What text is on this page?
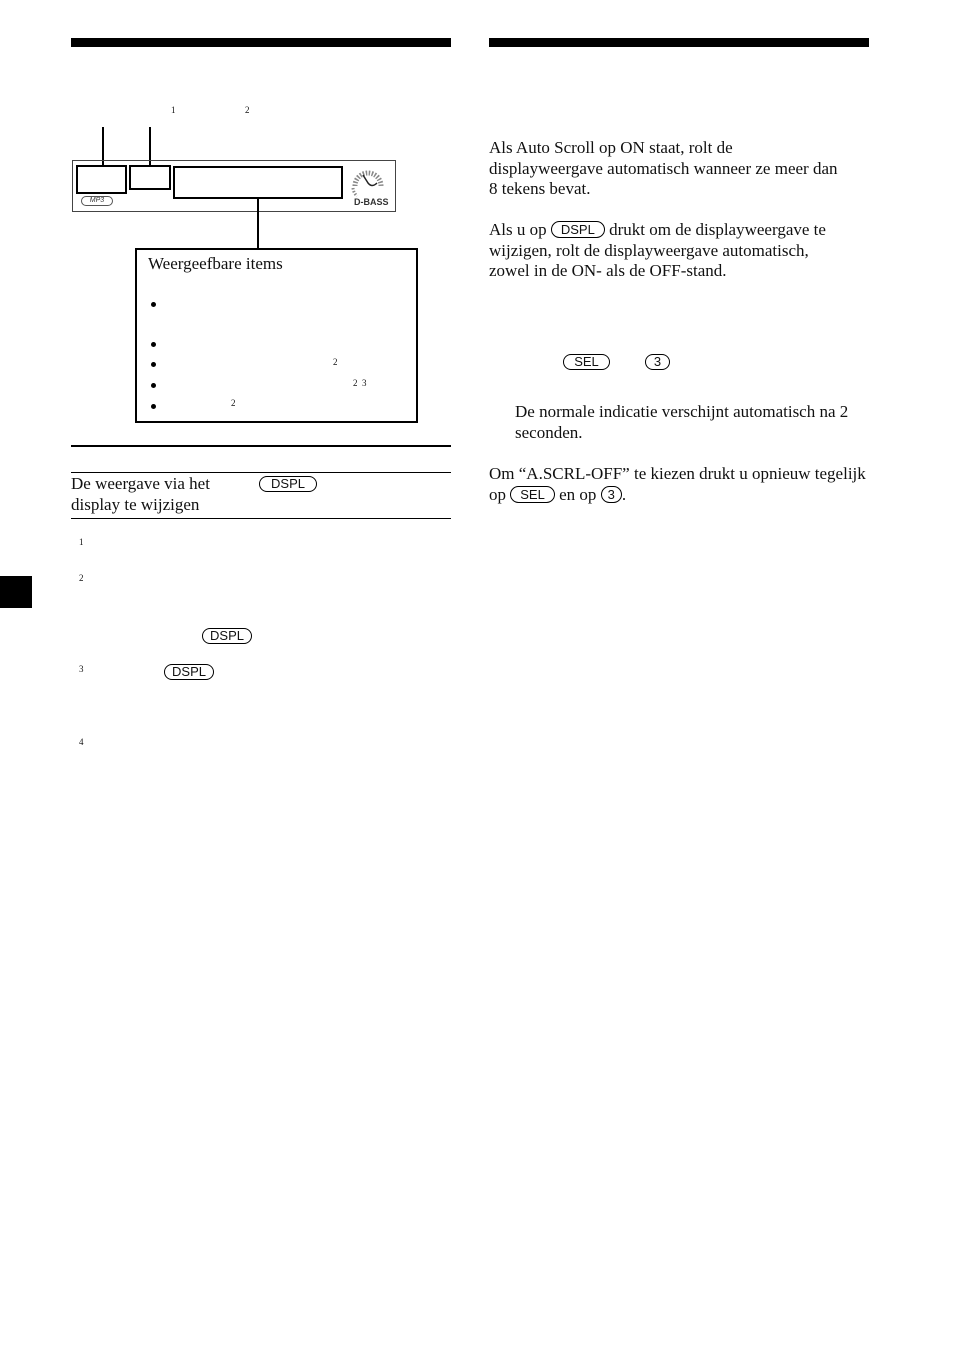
1	2
MP3	D-BASS
Weergeefbare items
2
2  3
2
De weergave via het
display te wijzigen
DSPL
1
2
DSPL
3	DSPL
4
Als Auto Scroll op ON staat, rolt de displayweergave automatisch wanneer ze meer dan 8 tekens bevat.
Als u op DSPL drukt om de displayweergave te wijzigen, rolt de displayweergave automatisch, zowel in de ON- als de OFF-stand.
SEL	3
De normale indicatie verschijnt automatisch na 2 seconden.
Om “A.SCRL-OFF” te kiezen drukt u opnieuw tegelijk op SEL en op 3 .
